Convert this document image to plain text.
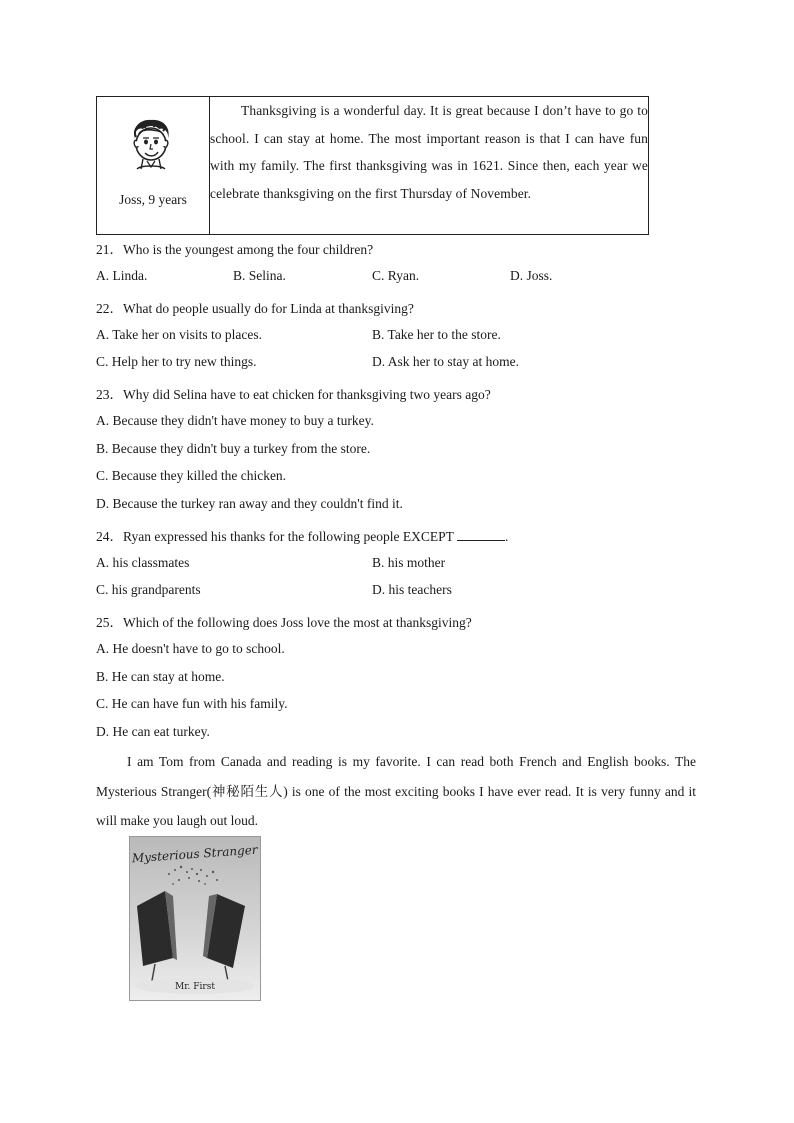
Joss, 9 years

Thanksgiving is a wonderful day. It is great because I don’t have to go to school. I can stay at home. The most important reason is that I can have fun with my family. The first thanksgiving was in 1621. Since then, each year we celebrate thanksgiving on the first Thursday of November.

21．Who is the youngest among the four children?
A. Linda.	B. Selina.	C. Ryan.	D. Joss.
22．What do people usually do for Linda at thanksgiving?
A. Take her on visits to places.	B. Take her to the store.
C. Help her to try new things.	D. Ask her to stay at home.
23．Why did Selina have to eat chicken for thanksgiving two years ago?
A. Because they didn't have money to buy a turkey.
B. Because they didn't buy a turkey from the store.
C. Because they killed the chicken.
D. Because the turkey ran away and they couldn't find it.
24．Ryan expressed his thanks for the following people EXCEPT	.
A. his classmates	B. his mother
C. his grandparents	D. his teachers
25．Which of the following does Joss love the most at thanksgiving?
A. He doesn't have to go to school.
B. He can stay at home.
C. He can have fun with his family.
D. He can eat turkey.

I am Tom from Canada and reading is my favorite. I can read both French and English books. The Mysterious Stranger(神秘陌生人) is one of the most exciting books I have ever read. It is very funny and it will make you laugh out loud.

Mysterious Stranger
Mr. First
